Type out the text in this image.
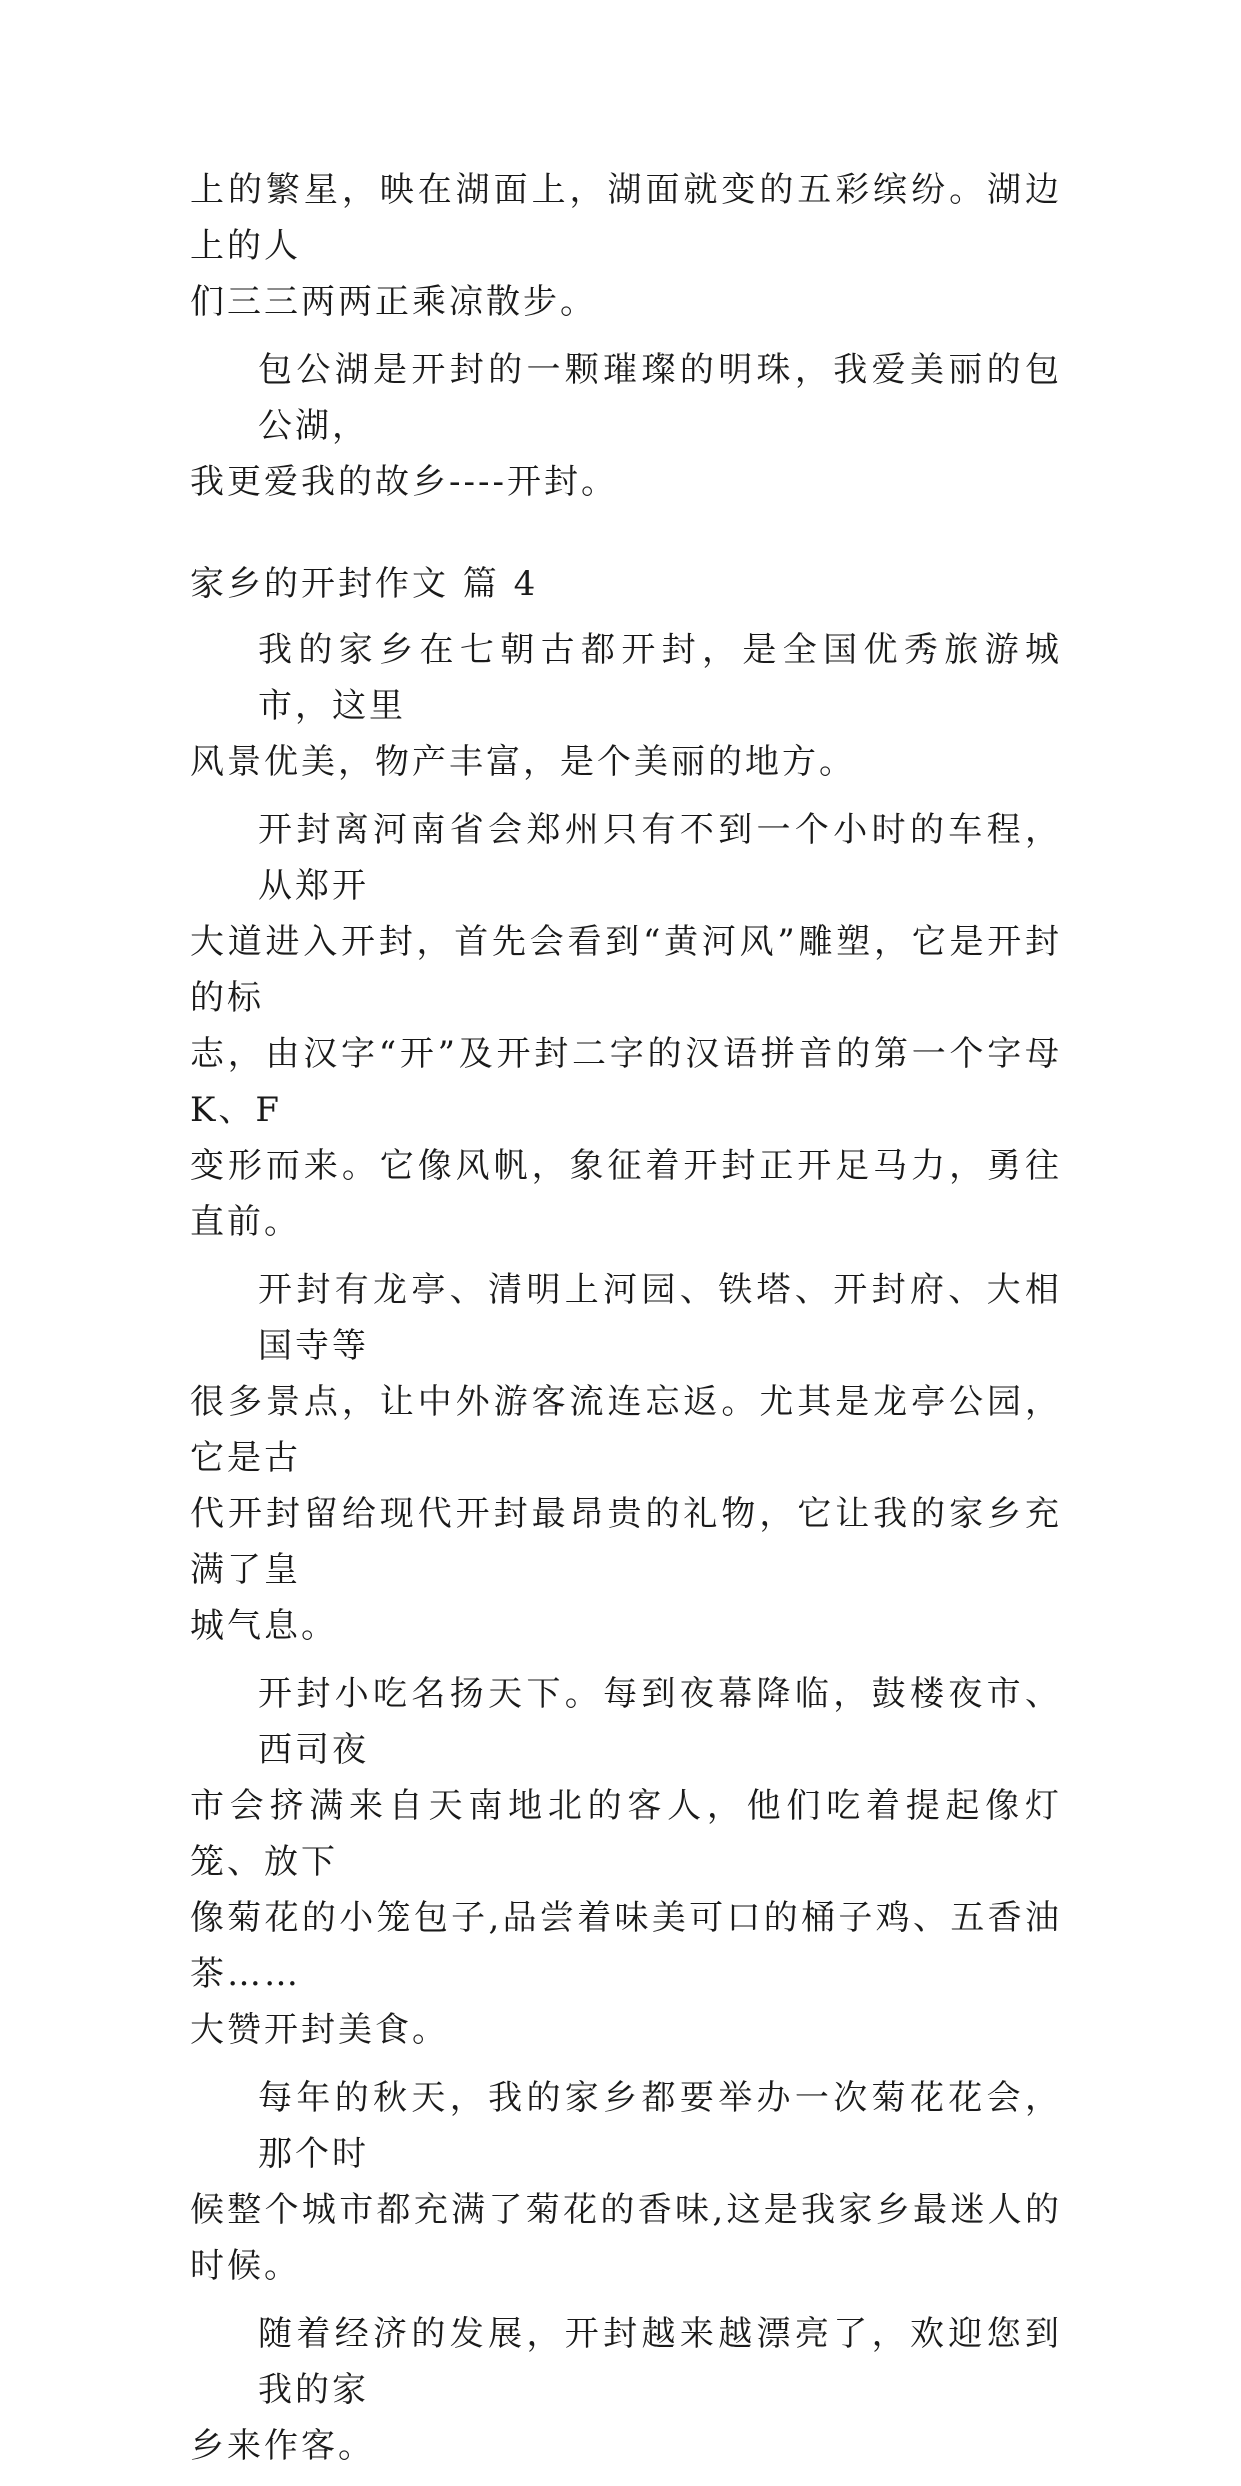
上的繁星，映在湖面上，湖面就变的五彩缤纷。湖边上的人
们三三两两正乘凉散步。

包公湖是开封的一颗璀璨的明珠，我爱美丽的包公湖，
我更爱我的故乡----开封。

家乡的开封作文 篇 4

我的家乡在七朝古都开封，是全国优秀旅游城市，这里
风景优美，物产丰富，是个美丽的地方。

开封离河南省会郑州只有不到一个小时的车程，从郑开
大道进入开封，首先会看到“黄河风”雕塑，它是开封的标
志，由汉字“开”及开封二字的汉语拼音的第一个字母K、F
变形而来。它像风帆，象征着开封正开足马力，勇往直前。

开封有龙亭、清明上河园、铁塔、开封府、大相国寺等
很多景点，让中外游客流连忘返。尤其是龙亭公园，它是古
代开封留给现代开封最昂贵的礼物，它让我的家乡充满了皇
城气息。

开封小吃名扬天下。每到夜幕降临，鼓楼夜市、西司夜
市会挤满来自天南地北的客人，他们吃着提起像灯笼、放下
像菊花的小笼包子,品尝着味美可口的桶子鸡、五香油茶……
大赞开封美食。

每年的秋天，我的家乡都要举办一次菊花花会，那个时
候整个城市都充满了菊花的香味,这是我家乡最迷人的时候。

随着经济的发展，开封越来越漂亮了，欢迎您到我的家
乡来作客。
